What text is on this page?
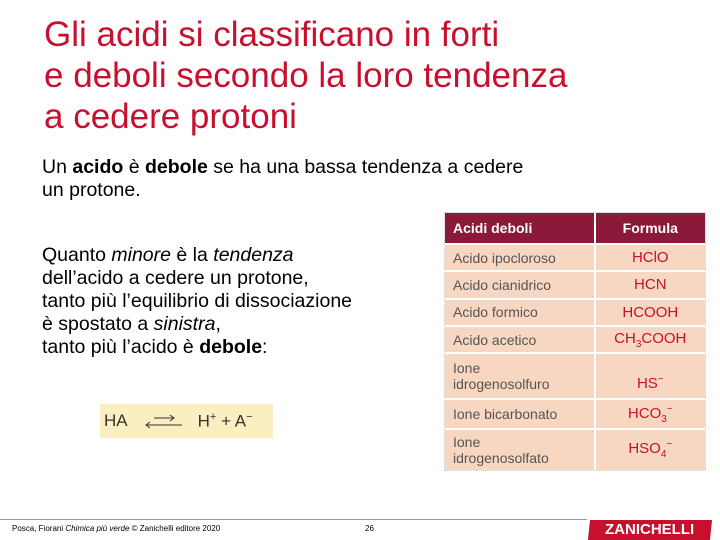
Gli acidi si classificano in forti
e deboli secondo la loro tendenza
a cedere protoni

Un acido è debole se ha una bassa tendenza a cedere
un protone.

Quanto minore è la tendenza
dell’acido a cedere un protone,
tanto più l’equilibrio di dissociazione
è spostato a sinistra,
tanto più l’acido è debole:

HA ⇌ H+ + A−
Acidi deboli	Formula
Acido ipocloroso	HClO
Acido cianidrico	HCN
Acido formico	HCOOH
Acido acetico	$CH_3COOH$

Ione
idrogenosolfuro	HS−
Ione bicarbonato	$HCO_3^-$

Ione
idrogenosolfato	$HSO_4^-$
Posca, Fiorani Chimica più verde © Zanichelli editore 2020	26	ZANICHELLI
